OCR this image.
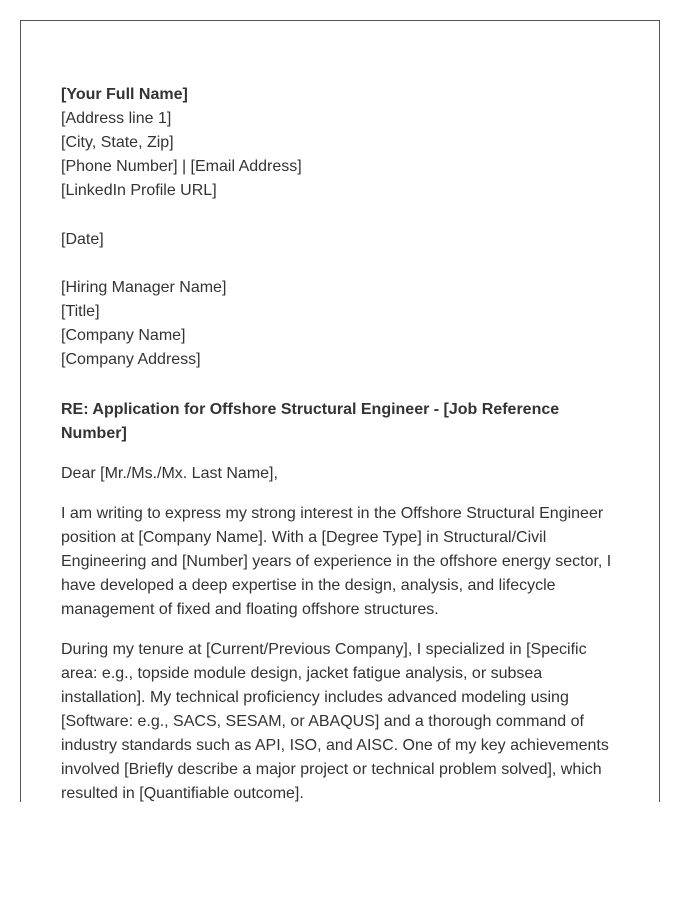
[Your Full Name]
[Address line 1]
[City, State, Zip]
[Phone Number] | [Email Address]
[LinkedIn Profile URL]
[Date]
[Hiring Manager Name]
[Title]
[Company Name]
[Company Address]

RE: Application for Offshore Structural Engineer - [Job Reference Number]

Dear [Mr./Ms./Mx. Last Name],

I am writing to express my strong interest in the Offshore Structural Engineer position at [Company Name]. With a [Degree Type] in Structural/Civil Engineering and [Number] years of experience in the offshore energy sector, I have developed a deep expertise in the design, analysis, and lifecycle management of fixed and floating offshore structures.

During my tenure at [Current/Previous Company], I specialized in [Specific area: e.g., topside module design, jacket fatigue analysis, or subsea installation]. My technical proficiency includes advanced modeling using [Software: e.g., SACS, SESAM, or ABAQUS] and a thorough command of industry standards such as API, ISO, and AISC. One of my key achievements involved [Briefly describe a major project or technical problem solved], which resulted in [Quantifiable outcome].
